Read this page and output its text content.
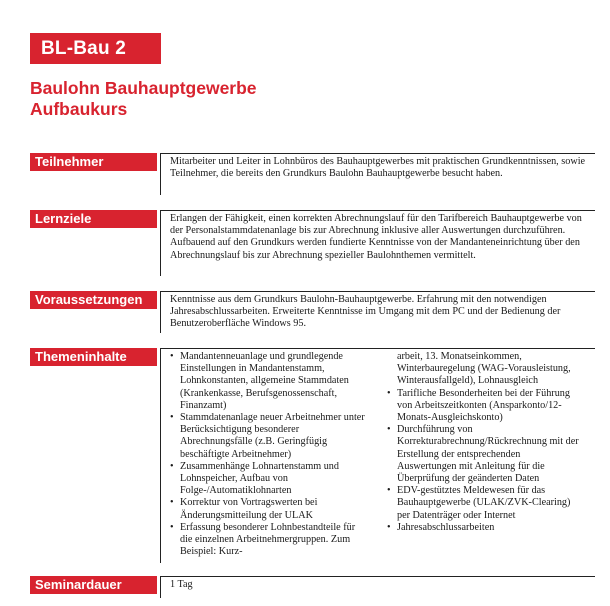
BL-Bau 2
Baulohn Bauhauptgewerbe
Aufbaukurs
Teilnehmer	Mitarbeiter und Leiter in Lohnbüros des Bauhauptgewerbes mit praktischen Grundkenntnissen, sowie Teilnehmer, die bereits den Grundkurs Baulohn Bauhauptgewerbe besucht haben.

Lernziele	Erlangen der Fähigkeit, einen korrekten Abrechnungslauf für den Tarifbereich Bauhauptgewerbe von der Personalstammdatenanlage bis zur Abrechnung inklusive aller Auswertungen durchzuführen. Aufbauend auf den Grundkurs werden fundierte Kenntnisse von der Mandanteneinrichtung über den Abrechnungslauf bis zur Abrechnung spezieller Baulohnthemen vermittelt.

Voraussetzungen	Kenntnisse aus dem Grundkurs Baulohn-Bauhauptgewerbe. Erfahrung mit den notwendigen Jahresabschlussarbeiten. Erweiterte Kenntnisse im Umgang mit dem PC und der Bedienung der Benutzeroberfläche Windows 95.

Themeninhalte
•	Mandantenneuanlage und grundlegende Einstellungen in Mandantenstamm, Lohnkonstanten, allgemeine Stammdaten (Krankenkasse, Berufsgenossenschaft, Finanzamt)
• Stammdatenanlage neuer Arbeitnehmer unter Berücksichtigung besonderer Abrechnungsfälle (z.B. Geringfügig beschäftigte Arbeitnehmer)
• Zusammenhänge Lohnartenstamm und Lohnspeicher, Aufbau von Folge-/Automatiklohnarten
• Korrektur von Vortragswerten bei Änderungsmitteilung der ULAK
• Erfassung besonderer Lohnbestandteile für die einzelnen Arbeitnehmergruppen. Zum Beispiel: Kurz-
arbeit, 13. Monatseinkommen, Winterbauregelung (WAG-Vorausleistung, Winterausfallgeld), Lohnausgleich
• Tarifliche Besonderheiten bei der Führung von Arbeitszeitkonten (Ansparkonto/12-Monats-Ausgleichskonto)
• Durchführung von Korrekturabrechnung/Rückrechnung mit der Erstellung der entsprechenden Auswertungen mit Anleitung für die Überprüfung der geänderten Daten
• EDV-gestütztes Meldewesen für das Bauhauptgewerbe (ULAK/ZVK-Clearing) per Datenträger oder Internet
• Jahresabschlussarbeiten
Seminardauer	1 Tag
